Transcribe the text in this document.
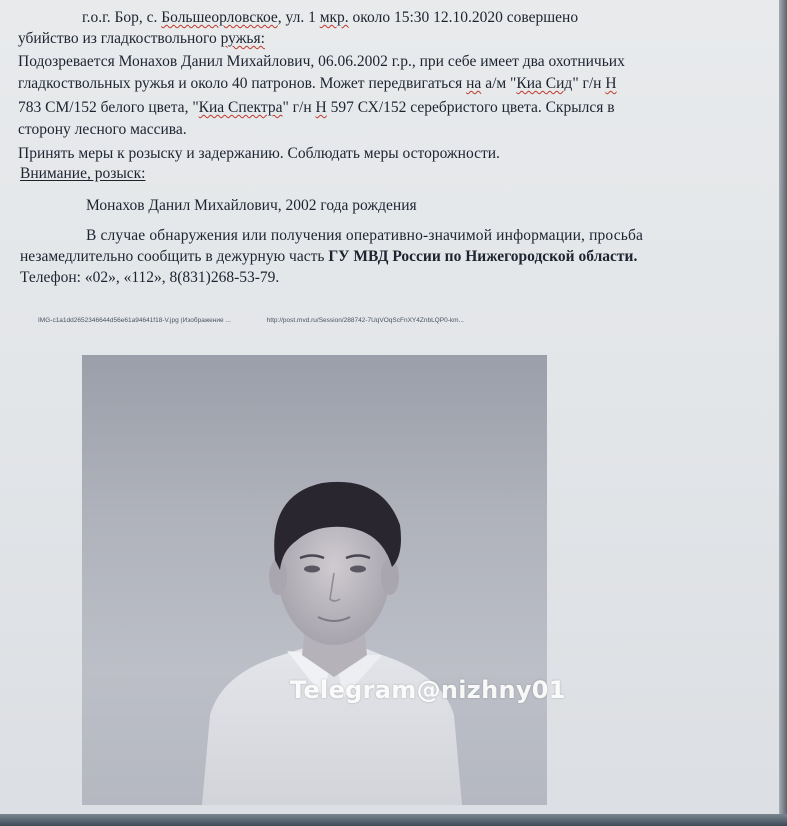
г.о.г. Бор, с. Большеорловское, ул. 1 мкр. около 15:30 12.10.2020 совершено
убийство из гладкоствольного ружья:
Подозревается Монахов Данил Михайлович, 06.06.2002 г.р., при себе имеет два охотничьих
гладкоствольных ружья и около 40 патронов. Может передвигаться на а/м "Киа Сид" г/н Н
783 СМ/152 белого цвета, "Киа Спектра" г/н Н 597 СХ/152 серебристого цвета. Скрылся в
сторону лесного массива.
Принять меры к розыску и задержанию. Соблюдать меры осторожности.
Внимание, розыск:
Монахов Данил Михайлович, 2002 года рождения
В случае обнаружения или получения оперативно-значимой информации, просьба
незамедлительно сообщить в дежурную часть ГУ МВД России по Нижегородской области.
Телефон: «02», «112», 8(831)268-53-79.
IMG-c1a1dd2652346644d56e61a94641f18-V.jpg (Изображение ...	http://post.mvd.ru/Session/288742-7UqVOqScFnXY4ZnbLQP0-km...
Telegram@nizhny01
